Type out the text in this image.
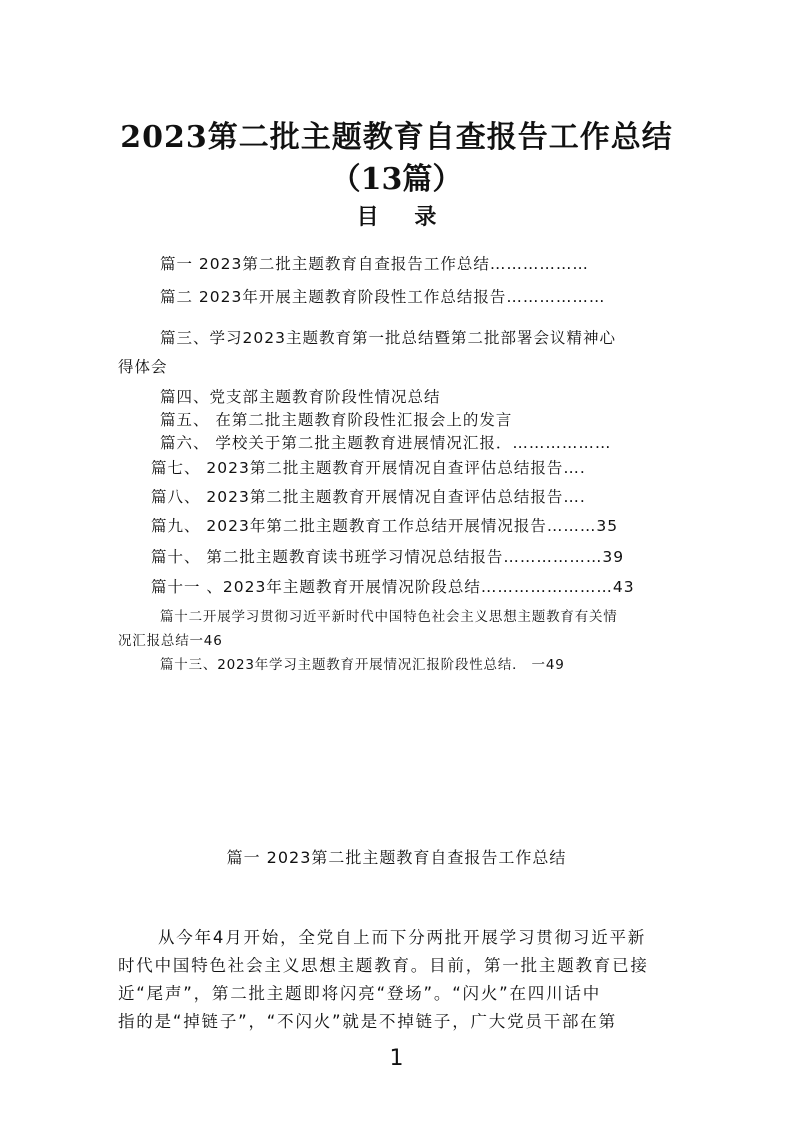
2023第二批主题教育自查报告工作总结
（13篇）
目 录
篇一 2023第二批主题教育自查报告工作总结………………
篇二 2023年开展主题教育阶段性工作总结报告………………
篇三、学习2023主题教育第一批总结暨第二批部署会议精神心
得体会
篇四、党支部主题教育阶段性情况总结
篇五、 在第二批主题教育阶段性汇报会上的发言
篇六、 学校关于第二批主题教育进展情况汇报．………………
篇七、 2023第二批主题教育开展情况自查评估总结报告….
篇八、 2023第二批主题教育开展情况自查评估总结报告….
篇九、 2023年第二批主题教育工作总结开展情况报告………35
篇十、 第二批主题教育读书班学习情况总结报告………………39
篇十一 、2023年主题教育开展情况阶段总结……………………43
篇十二开展学习贯彻习近平新时代中国特色社会主义思想主题教育有关情
况汇报总结一46
篇十三、2023年学习主题教育开展情况汇报阶段性总结． 一49
篇一 2023第二批主题教育自查报告工作总结

从今年4月开始，全党自上而下分两批开展学习贯彻习近平新

时代中国特色社会主义思想主题教育。目前，第一批主题教育已接

近“尾声”，第二批主题即将闪亮“登场”。“闪火”在四川话中

指的是“掉链子”，“不闪火”就是不掉链子，广大党员干部在第

1
